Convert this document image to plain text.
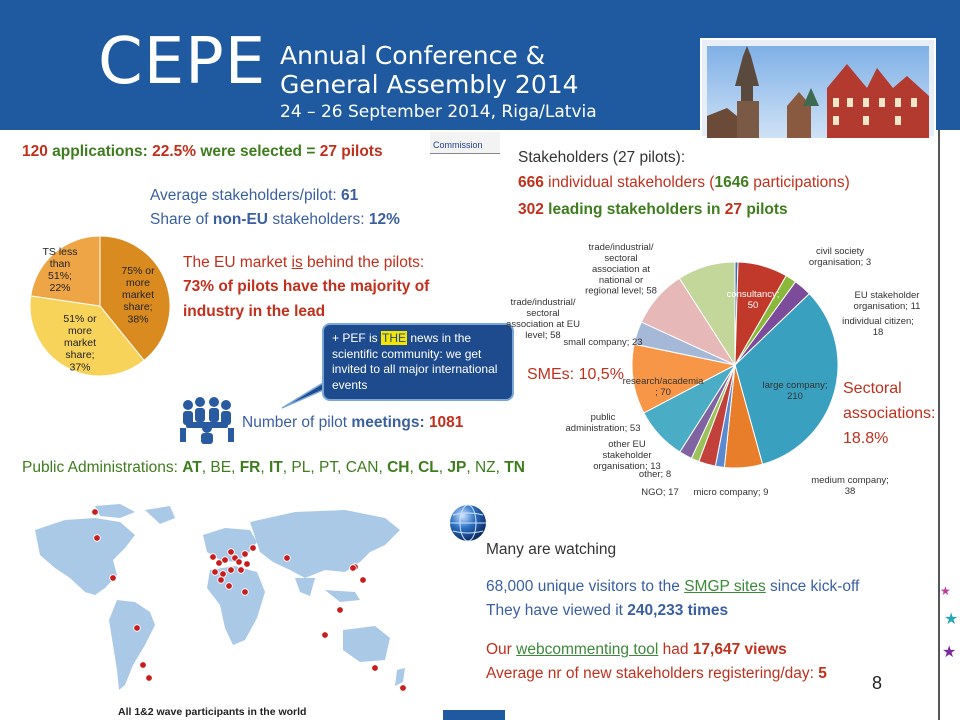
CEPE Annual Conference &
General Assembly 2014
24 – 26 September 2014, Riga/Latvia
Commission
120 applications: 22.5% were selected = 27 pilots
Average stakeholders/pilot: 61
Share of non-EU stakeholders: 12%
75% or more market share; 38%
51% or more market share; 37%
TS less than 51%; 22%
The EU market is behind the pilots:
73% of pilots have the majority of
industry in the lead
+ PEF is THE news in the scientific community: we get invited to all major international events
Number of pilot meetings: 1081
Public Administrations: AT, BE, FR, IT, PL, PT, CAN, CH, CL, JP, NZ, TN
Stakeholders (27 pilots):
666 individual stakeholders (1646 participations)
302 leading stakeholders in 27 pilots
civil society organisation; 3
consultancy; 50
EU stakeholder organisation; 11
individual citizen; 18
large company; 210
medium company; 38
micro company; 9
NGO; 17
other; 8
other EU stakeholder organisation; 13
public administration; 53
research/academia ; 70
small company; 23
trade/industrial/ sectoral association at EU level; 58
trade/industrial/ sectoral association at national or regional level; 58
SMEs: 10,5%
Sectoral
associations:
18.8%
All 1&2 wave participants in the world
Many are watching
68,000 unique visitors to the SMGP sites since kick-off
They have viewed it 240,233 times
Our webcommenting tool had 17,647 views
Average nr of new stakeholders registering/day: 5	8
★
★
★
